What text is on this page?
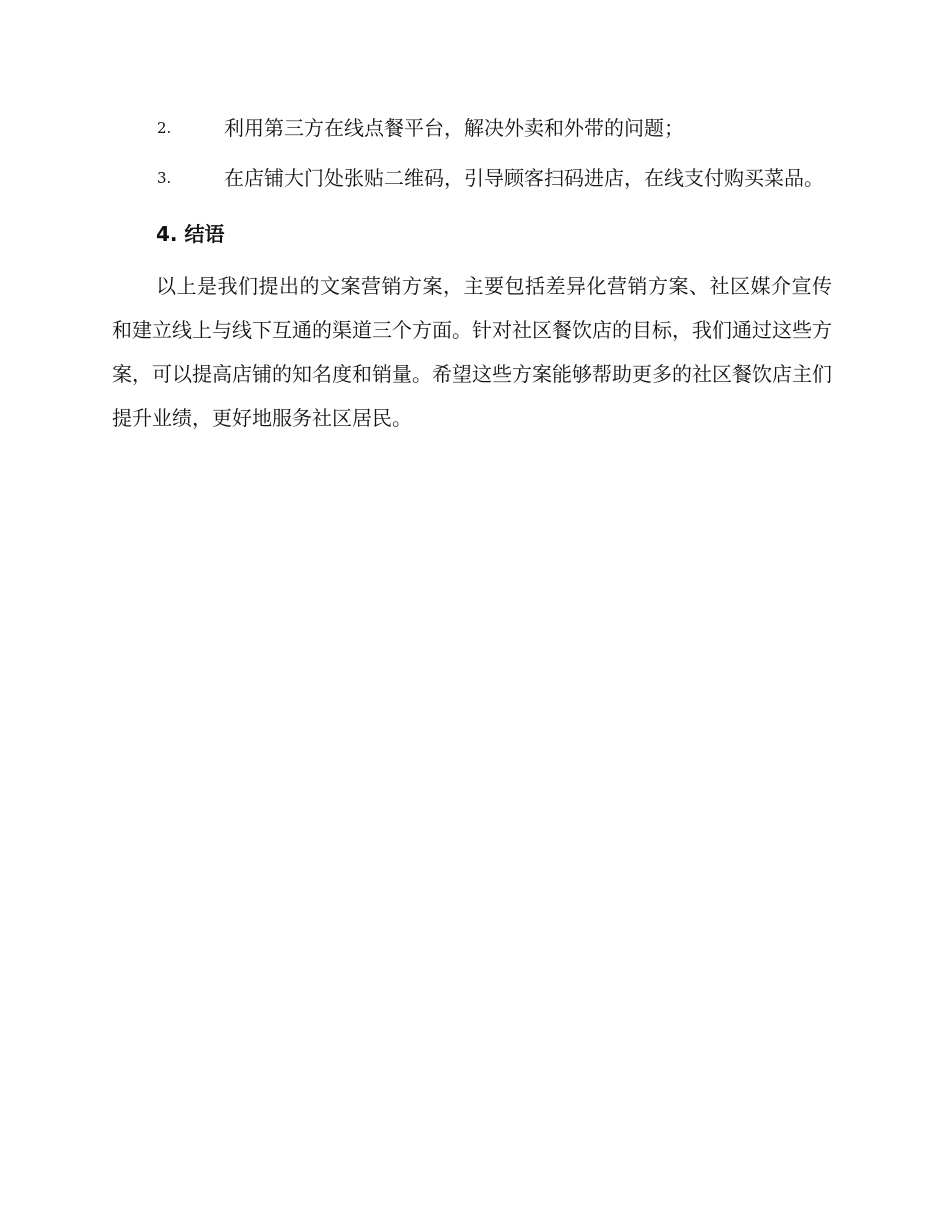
2.	利用第三方在线点餐平台，解决外卖和外带的问题；

3.	在店铺大门处张贴二维码，引导顾客扫码进店，在线支付购买菜品。

4. 结语

以上是我们提出的文案营销方案，主要包括差异化营销方案、社区媒介宣传和建立线上与线下互通的渠道三个方面。针对社区餐饮店的目标，我们通过这些方案，可以提高店铺的知名度和销量。希望这些方案能够帮助更多的社区餐饮店主们提升业绩，更好地服务社区居民。
